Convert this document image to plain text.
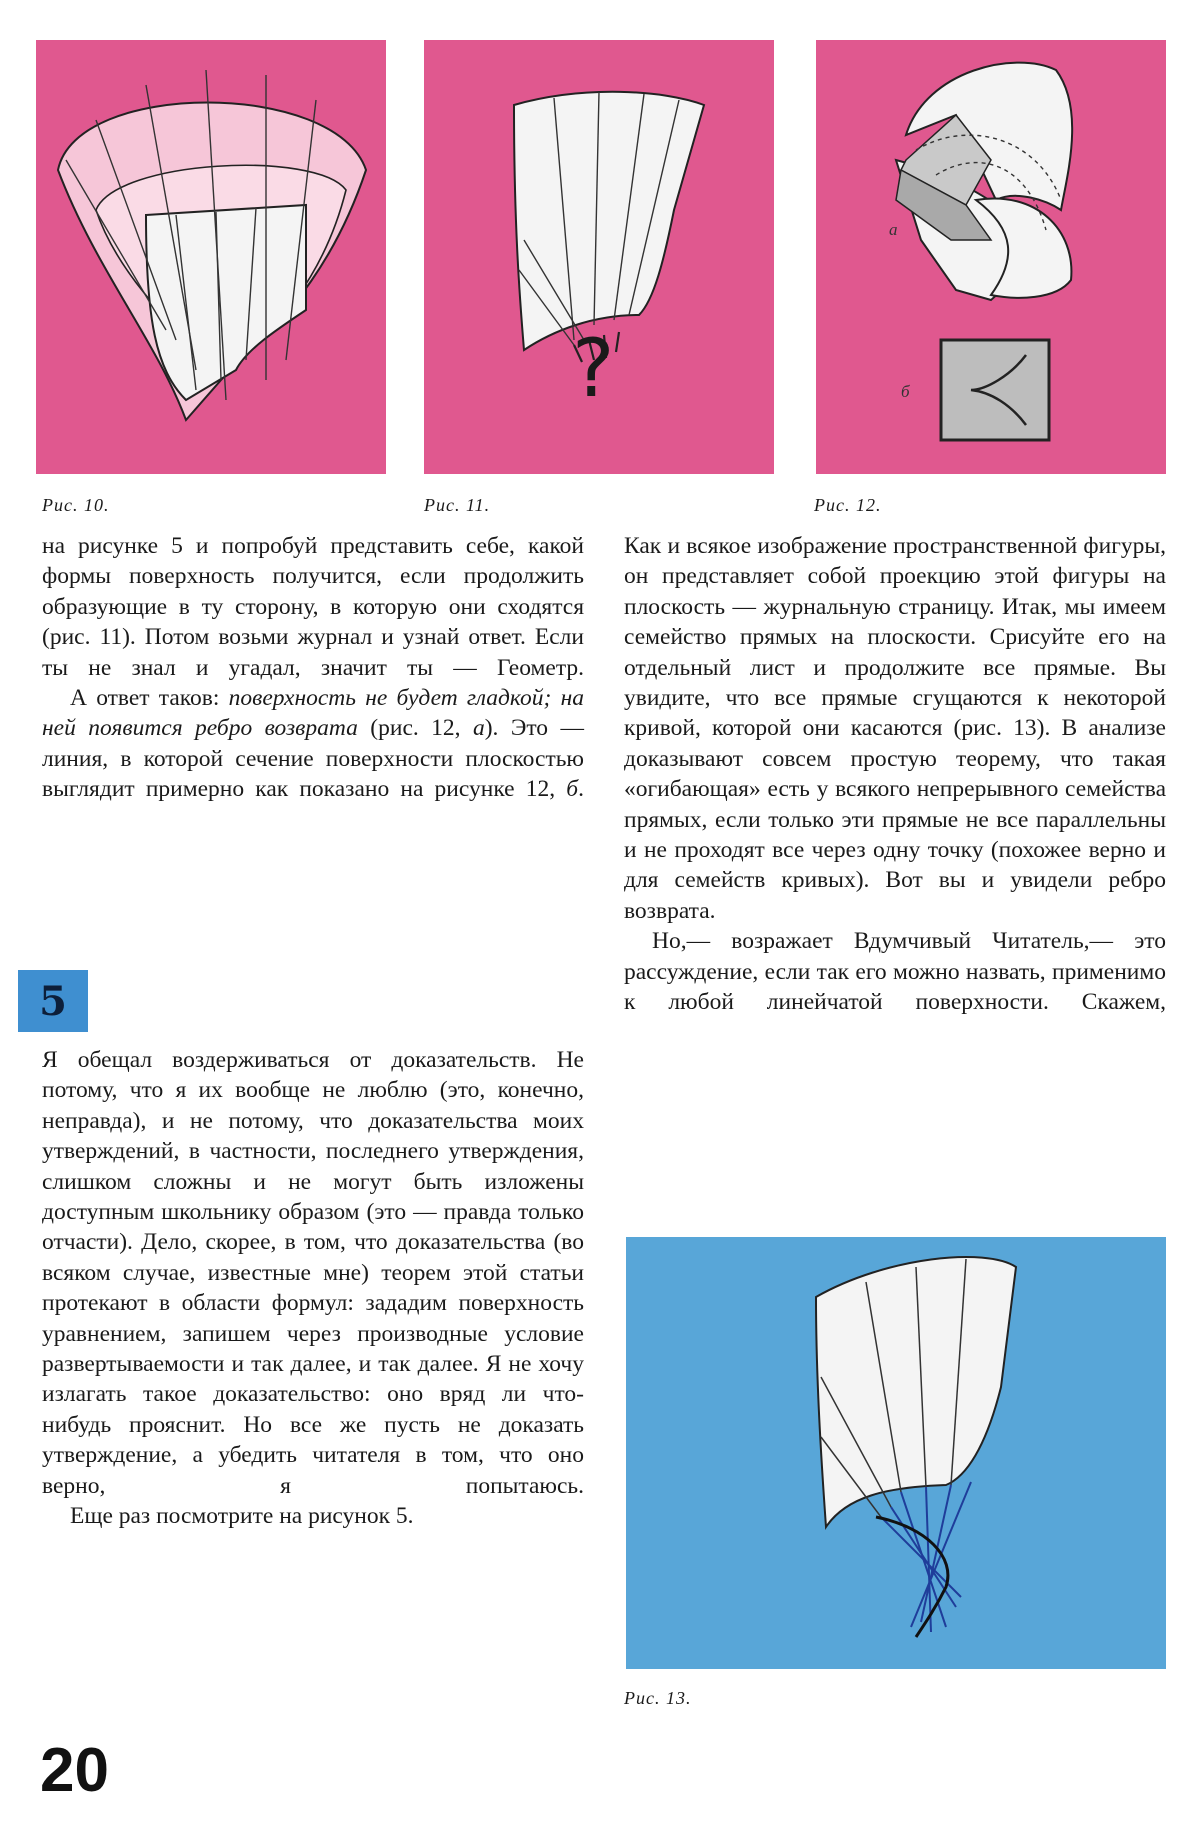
Рис. 10.
?
Рис. 11.
а
б
Рис. 12.

на рисунке 5 и попробуй представить себе, какой формы поверхность получится, если продолжить образующие в ту сторону, в которую они сходятся (рис. 11). Потом возьми журнал и узнай ответ. Если ты не знал и угадал, значит ты — Геометр.

А ответ таков: поверхность не будет гладкой; на ней появится ребро возврата (рис. 12, а). Это — линия, в которой сечение поверхности плоскостью выглядит примерно как показано на рисунке 12, б.

5

Я обещал воздерживаться от доказательств. Не потому, что я их вообще не люблю (это, конечно, неправда), и не потому, что доказательства моих утверждений, в частности, последнего утверждения, слишком сложны и не могут быть изложены доступным школьнику образом (это — правда только отчасти). Дело, скорее, в том, что доказательства (во всяком случае, известные мне) теорем этой статьи протекают в области формул: зададим поверхность уравнением, запишем через производные условие развертываемости и так далее, и так далее. Я не хочу излагать такое доказательство: оно вряд ли что-нибудь прояснит. Но все же пусть не доказать утверждение, а убедить читателя в том, что оно верно, я попытаюсь.

Еще раз посмотрите на рисунок 5.

Как и всякое изображение пространственной фигуры, он представляет собой проекцию этой фигуры на плоскость — журнальную страницу. Итак, мы имеем семейство прямых на плоскости. Срисуйте его на отдельный лист и продолжите все прямые. Вы увидите, что все прямые сгущаются к некоторой кривой, которой они касаются (рис. 13). В анализе доказывают совсем простую теорему, что такая «огибающая» есть у всякого непрерывного семейства прямых, если только эти прямые не все параллельны и не проходят все через одну точку (похожее верно и для семейств кривых). Вот вы и увидели ребро возврата.

Но,— возражает Вдумчивый Читатель,— это рассуждение, если так его можно назвать, применимо к любой линейчатой поверхности. Скажем,

Рис. 13.
20
